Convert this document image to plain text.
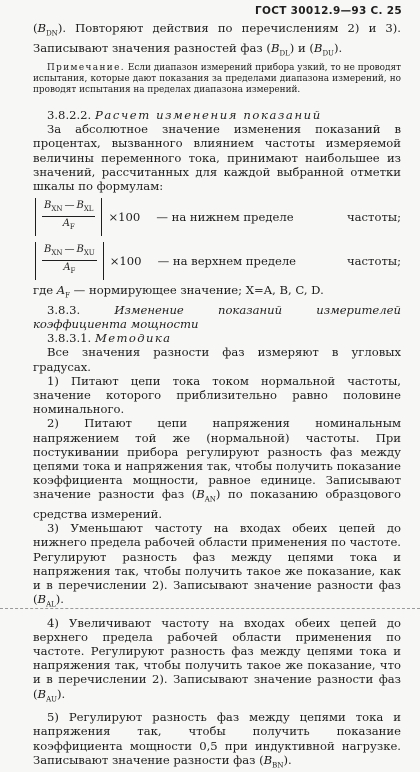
ГОСТ 30012.9—93 С. 25

$(B_{DN})$. Повторяют действия по перечислениям 2) и 3). Записывают значения разностей фаз $(B_{DL})$ и $(B_{DU})$.

Примечание. Если диапазон измерений прибора узкий, то не проводят испытания, которые дают показания за пределами диапазона измерений, но проводят испытания на пределах диапазона измерений.

3.8.2.2. Расчет изменения показаний

За абсолютное значение изменения показаний в процентах, вызванного влиянием частоты измеряемой величины переменного тока, принимают наибольшее из значений, рассчитанных для каждой выбранной отметки шкалы по формулам:

$\frac{B_{XN} — B_{XL}}{A_F} \times 100$ — на нижнем пределе	частоты;
$\frac{B_{XN} — B_{XU}}{A_F} \times 100$ — на верхнем пределе	частоты;

где $A_F$ — нормирующее значение; X=A, B, C, D.

3.8.3.	Изменение показаний измерителей коэффициента мощности

3.8.3.1. Методика

Все значения разности фаз измеряют в угловых градусах.

1) Питают цепи тока током нормальной частоты, значение которого приблизительно равно половине номинального.

2) Питают цепи напряжения номинальным напряжением той же (нормальной) частоты. При постукивании прибора регулируют разность фаз между цепями тока и напряжения так, чтобы получить показание коэффициента мощности, равное единице. Записывают значение разности фаз $(B_{AN})$ по показанию образцового средства измерений.

3) Уменьшают частоту на входах обеих цепей до нижнего предела рабочей области применения по частоте. Регулируют разность фаз между цепями тока и напряжения так, чтобы получить такое же показание, как и в перечислении 2). Записывают значение разности фаз $(B_{AL})$.

4) Увеличивают частоту на входах обеих цепей до верхнего предела рабочей области применения по частоте. Регулируют разность фаз между цепями тока и напряжения так, чтобы получить такое же показание, что и в перечислении 2). Записывают значение разности фаз $(B_{AU})$.

5) Регулируют разность фаз между цепями тока и напряжения так, чтобы получить показание коэффициента мощности 0,5 при индуктивной нагрузке. Записывают значение разности фаз $(B_{BN})$.
